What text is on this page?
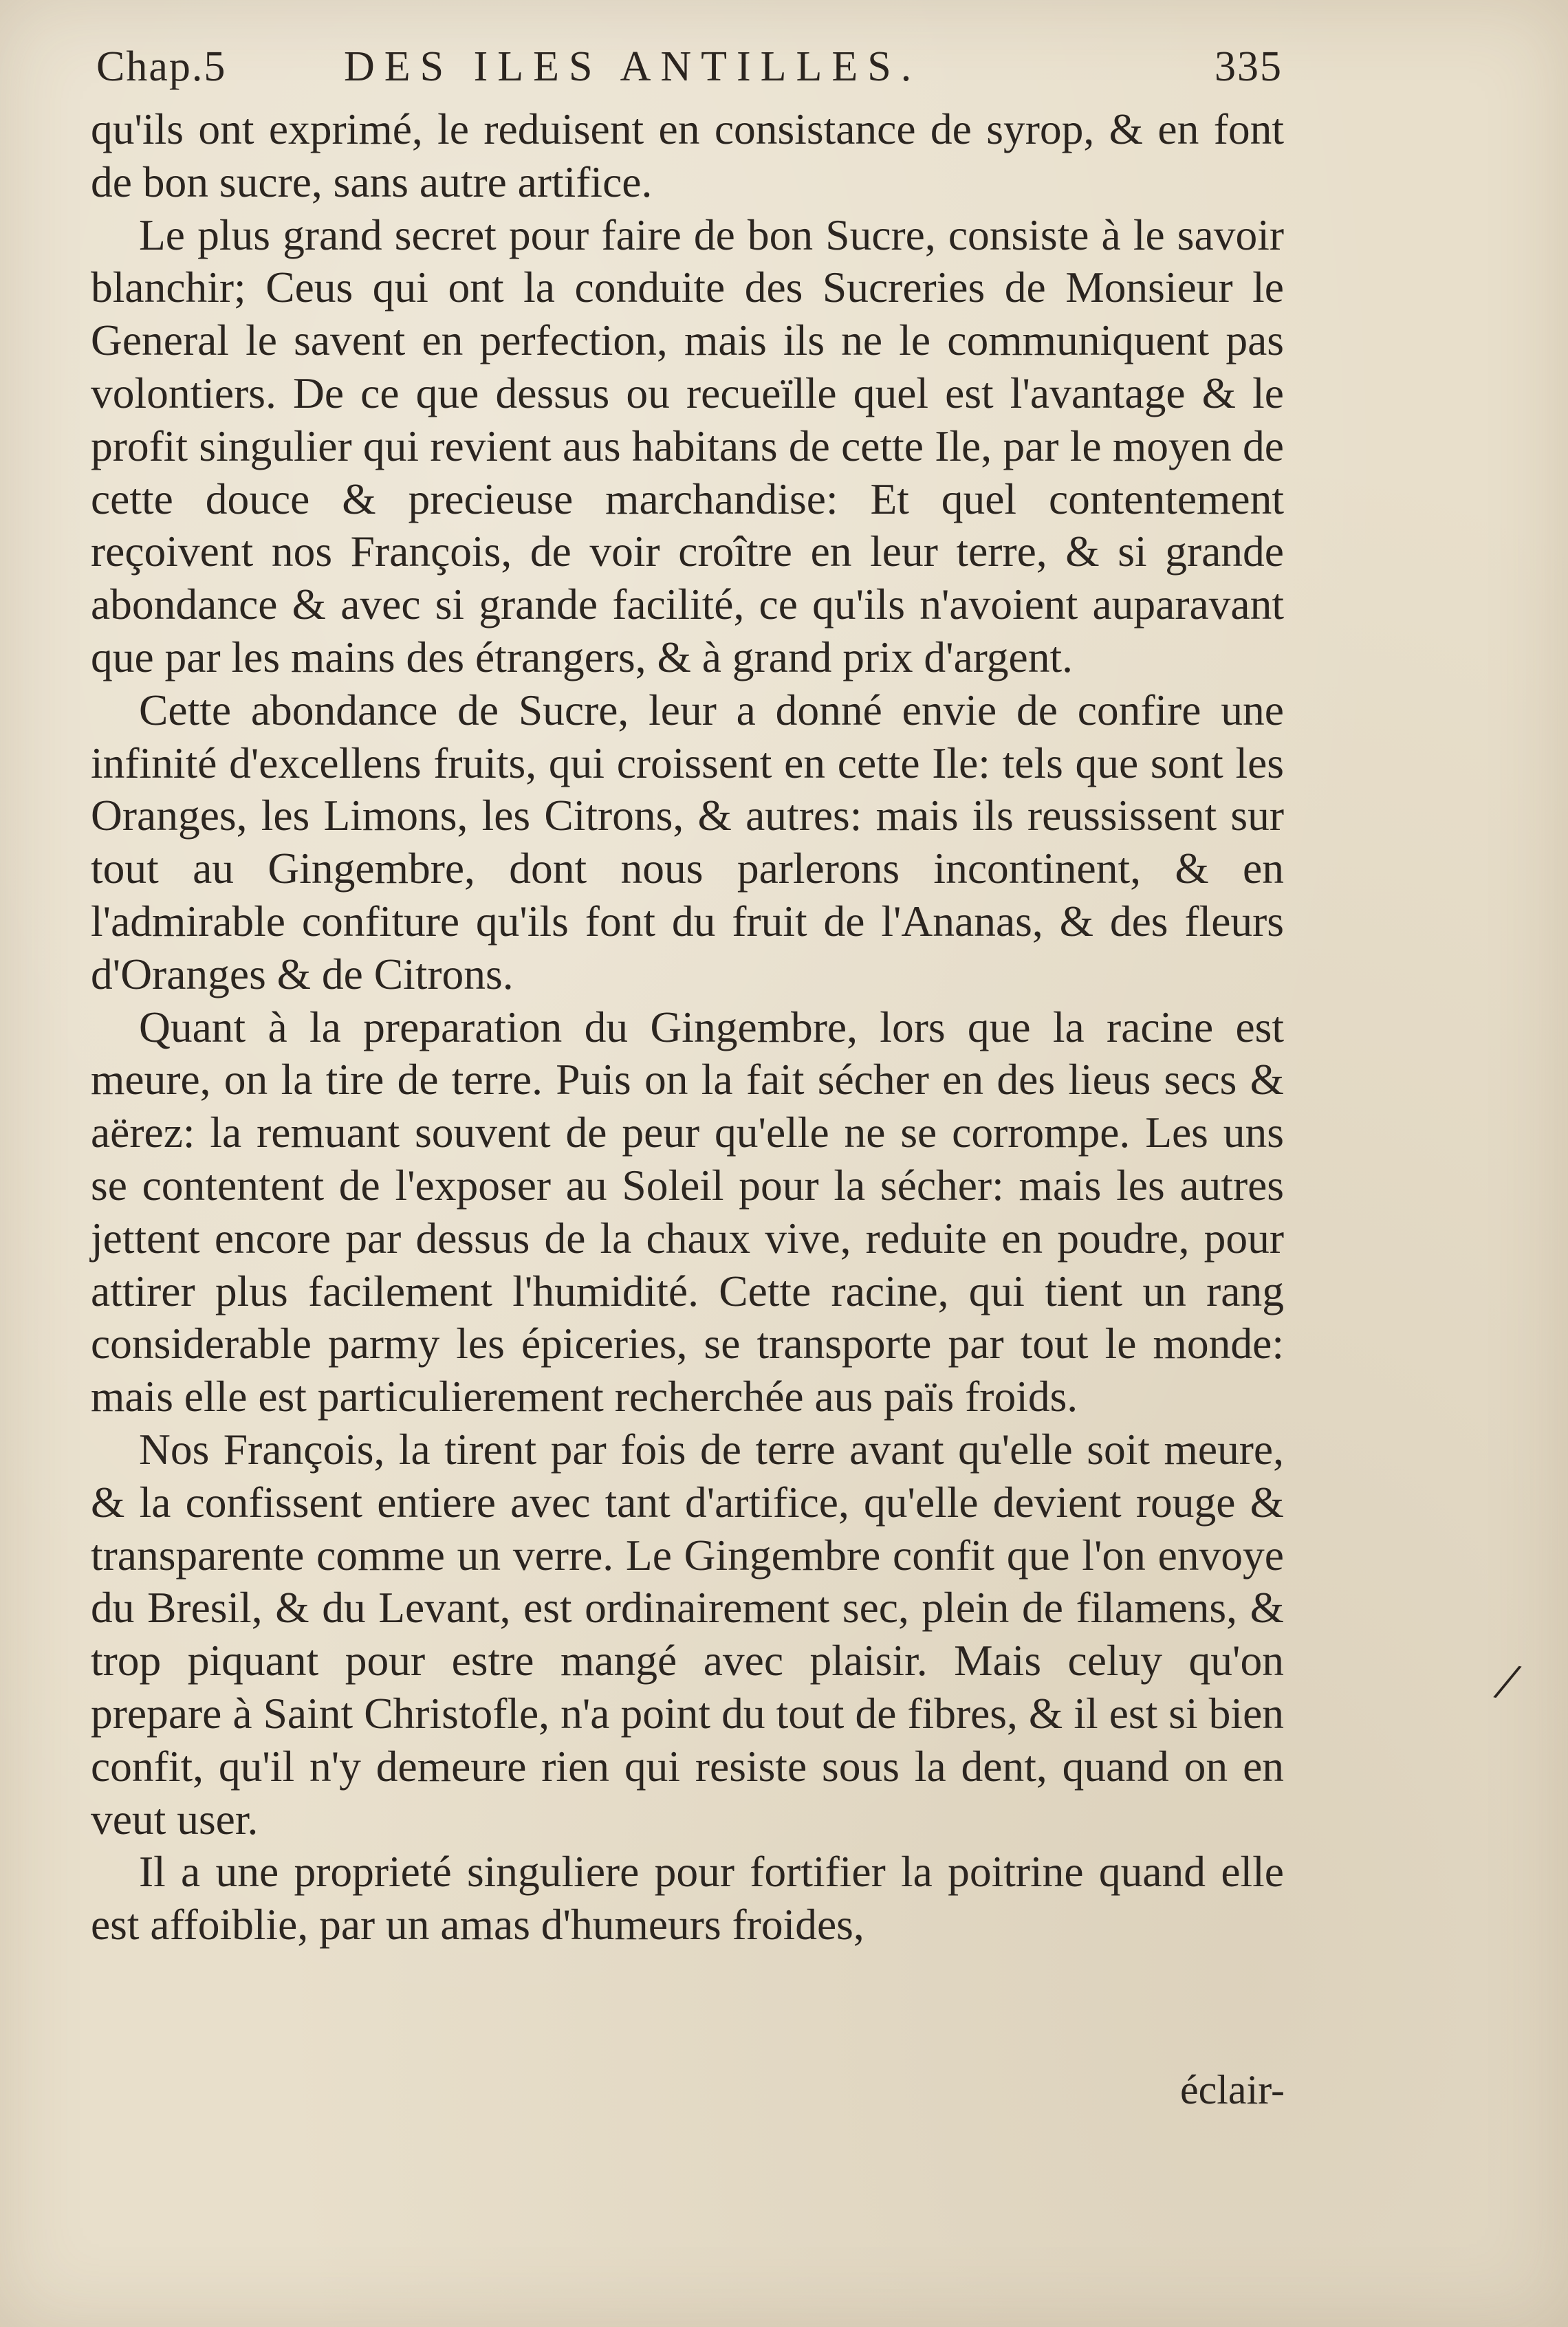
Chap.5	DES ILES ANTILLES.	335

qu'ils ont exprimé, le reduisent en consistance de syrop, & en font de bon sucre, sans autre artifice.

Le plus grand secret pour faire de bon Sucre, consiste à le savoir blanchir; Ceus qui ont la conduite des Sucreries de Monsieur le General le savent en perfection, mais ils ne le communiquent pas volontiers. De ce que dessus ou recueïlle quel est l'avantage & le profit singulier qui revient aus habitans de cette Ile, par le moyen de cette douce & precieuse marchandise: Et quel contentement reçoivent nos François, de voir croître en leur terre, & si grande abondance & avec si grande facilité, ce qu'ils n'avoient auparavant que par les mains des étrangers, & à grand prix d'argent.

Cette abondance de Sucre, leur a donné envie de confire une infinité d'excellens fruits, qui croissent en cette Ile: tels que sont les Oranges, les Limons, les Citrons, & autres: mais ils reussissent sur tout au Gingembre, dont nous parlerons incontinent, & en l'admirable confiture qu'ils font du fruit de l'Ananas, & des fleurs d'Oranges & de Citrons.

Quant à la preparation du Gingembre, lors que la racine est meure, on la tire de terre. Puis on la fait sécher en des lieus secs & aërez: la remuant souvent de peur qu'elle ne se corrompe. Les uns se contentent de l'exposer au Soleil pour la sécher: mais les autres jettent encore par dessus de la chaux vive, reduite en poudre, pour attirer plus facilement l'humidité. Cette racine, qui tient un rang considerable parmy les épiceries, se transporte par tout le monde: mais elle est particulierement recherchée aus païs froids.

Nos François, la tirent par fois de terre avant qu'elle soit meure, & la confissent entiere avec tant d'artifice, qu'elle devient rouge & transparente comme un verre. Le Gingembre confit que l'on envoye du Bresil, & du Levant, est ordinairement sec, plein de filamens, & trop piquant pour estre mangé avec plaisir. Mais celuy qu'on prepare à Saint Christofle, n'a point du tout de fibres, & il est si bien confit, qu'il n'y demeure rien qui resiste sous la dent, quand on en veut user.

Il a une proprieté singuliere pour fortifier la poitrine quand elle est affoiblie, par un amas d'humeurs froides,

éclair-
/
